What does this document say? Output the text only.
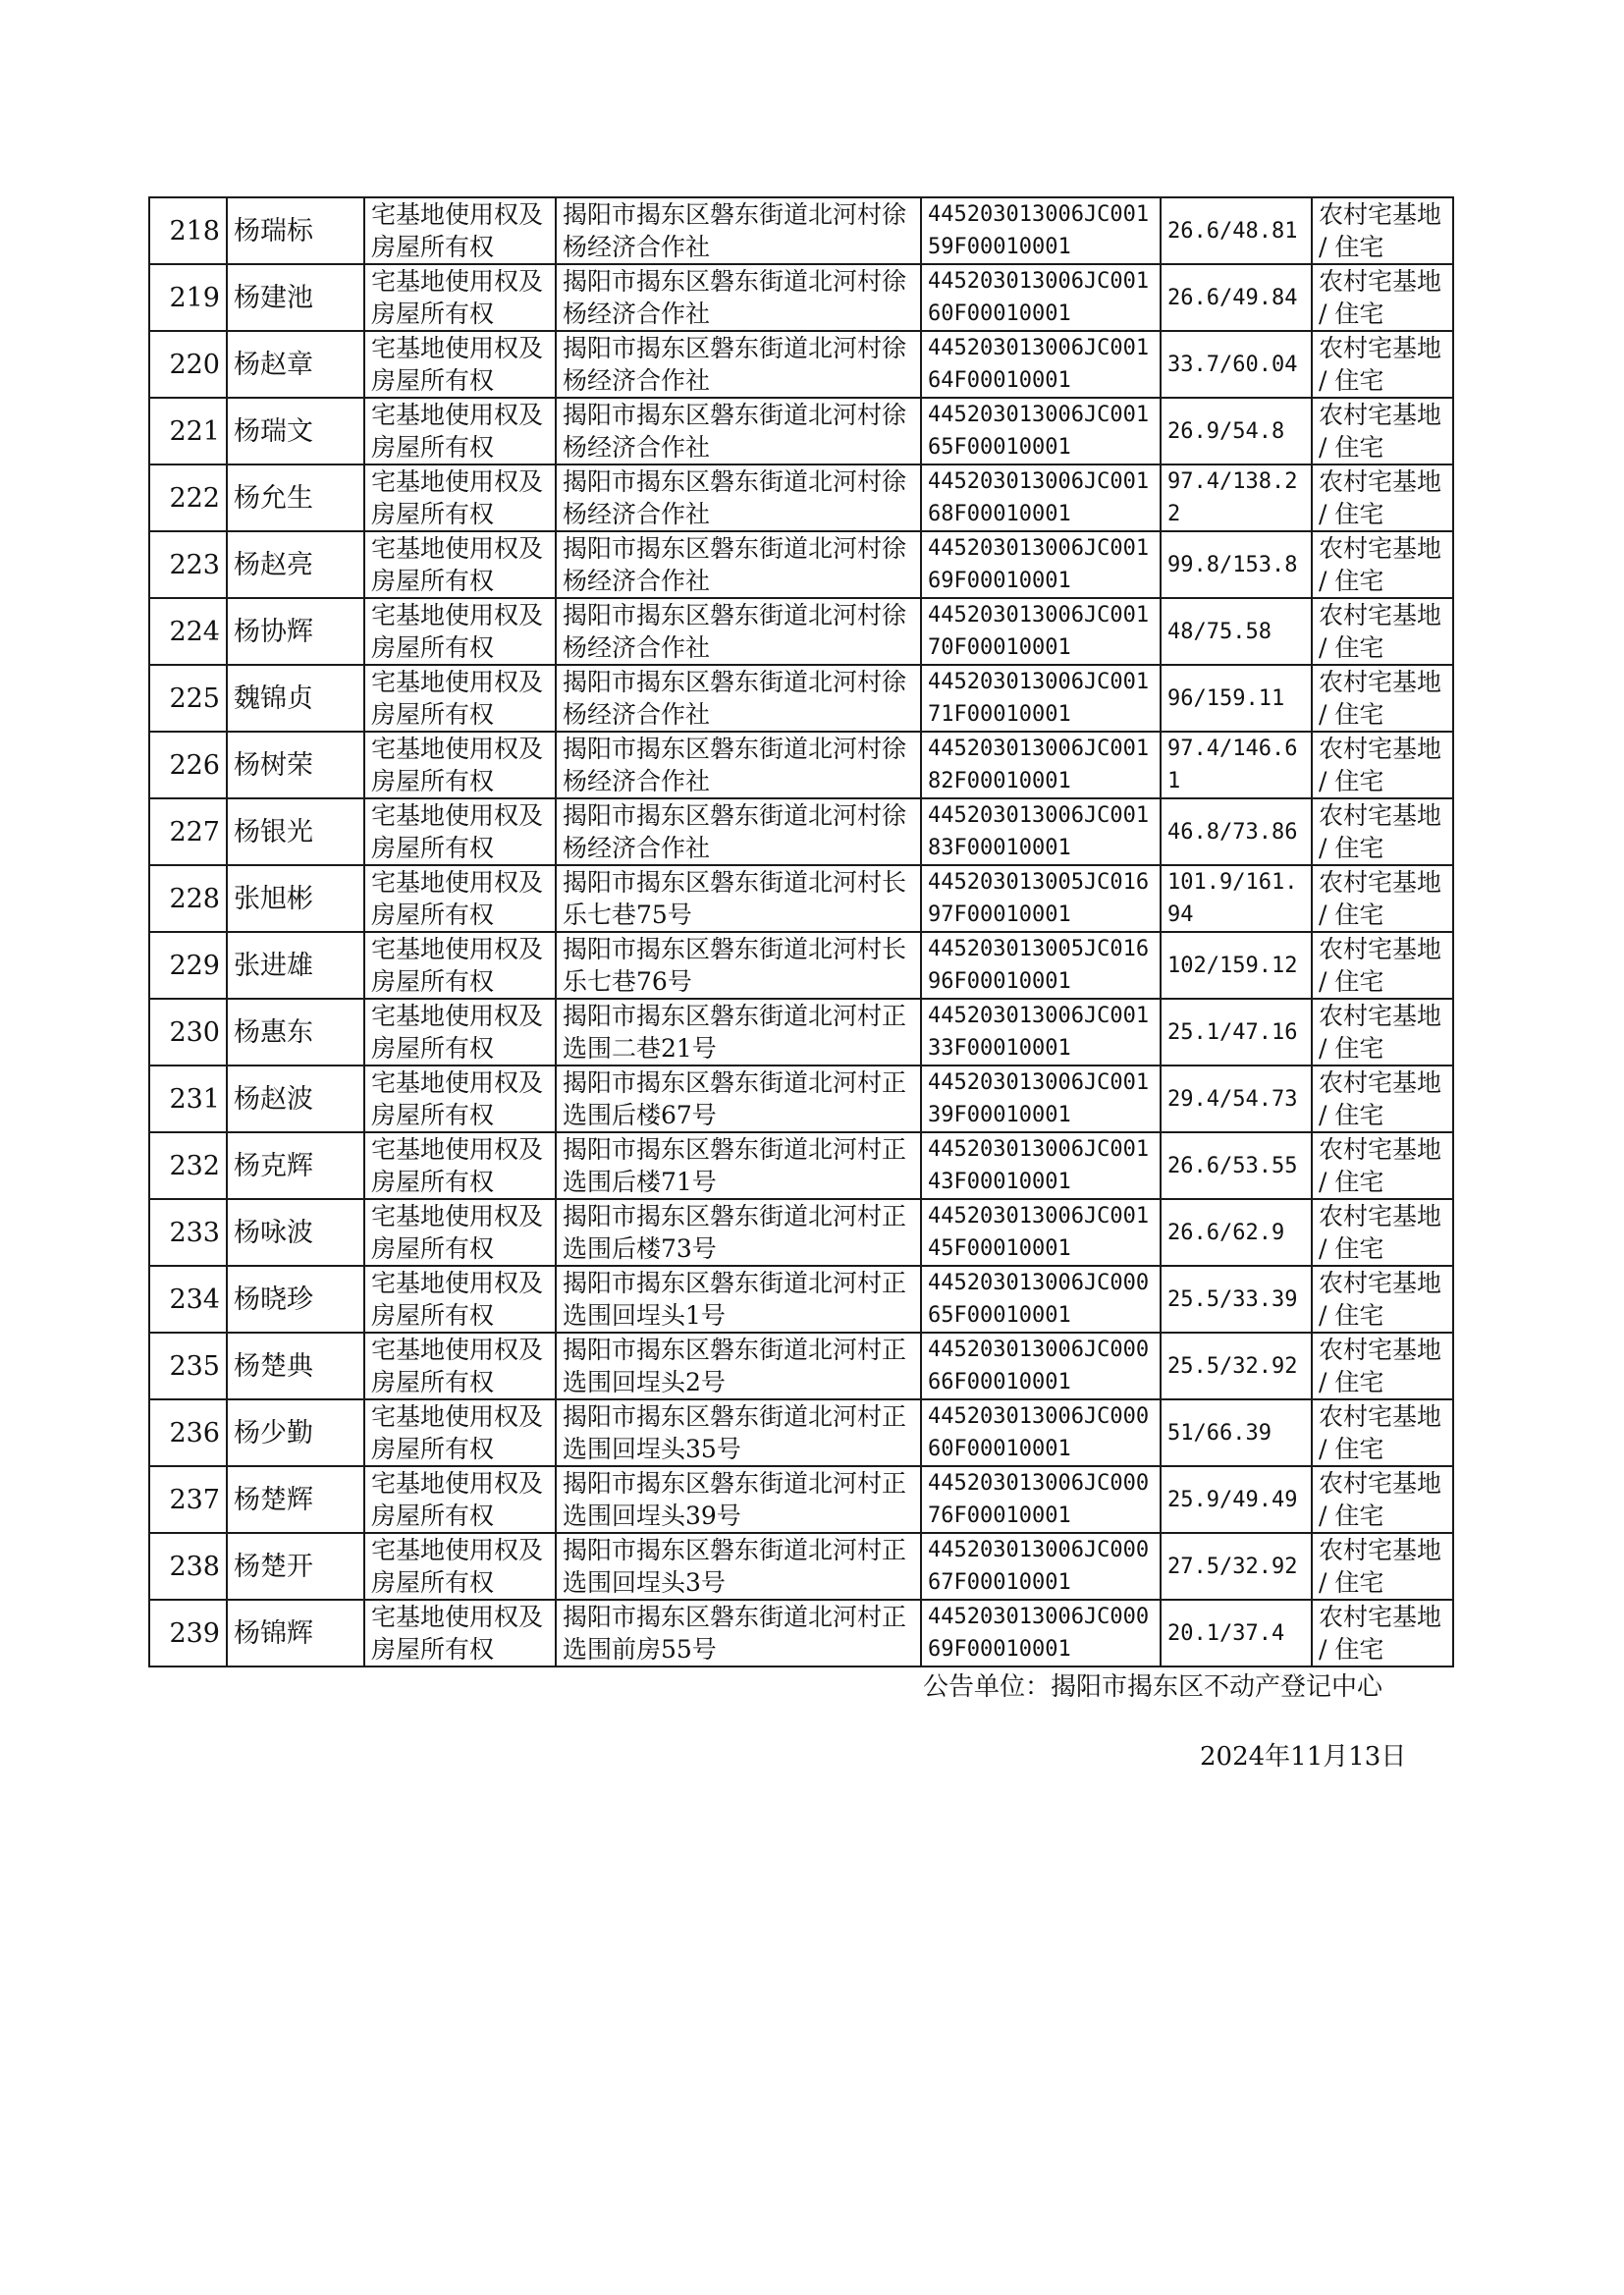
218	杨瑞标	宅基地使用权及房屋所有权	揭阳市揭东区磐东街道北河村徐杨经济合作社	445203013006JC00159F00010001	26.6/48.81	农村宅基地 / 住宅
219	杨建池	宅基地使用权及房屋所有权	揭阳市揭东区磐东街道北河村徐杨经济合作社	445203013006JC00160F00010001	26.6/49.84	农村宅基地 / 住宅
220	杨赵章	宅基地使用权及房屋所有权	揭阳市揭东区磐东街道北河村徐杨经济合作社	445203013006JC00164F00010001	33.7/60.04	农村宅基地 / 住宅
221	杨瑞文	宅基地使用权及房屋所有权	揭阳市揭东区磐东街道北河村徐杨经济合作社	445203013006JC00165F00010001	26.9/54.8	农村宅基地 / 住宅
222	杨允生	宅基地使用权及房屋所有权	揭阳市揭东区磐东街道北河村徐杨经济合作社	445203013006JC00168F00010001	97.4/138.22	农村宅基地 / 住宅
223	杨赵亮	宅基地使用权及房屋所有权	揭阳市揭东区磐东街道北河村徐杨经济合作社	445203013006JC00169F00010001	99.8/153.8	农村宅基地 / 住宅
224	杨协辉	宅基地使用权及房屋所有权	揭阳市揭东区磐东街道北河村徐杨经济合作社	445203013006JC00170F00010001	48/75.58	农村宅基地 / 住宅
225	魏锦贞	宅基地使用权及房屋所有权	揭阳市揭东区磐东街道北河村徐杨经济合作社	445203013006JC00171F00010001	96/159.11	农村宅基地 / 住宅
226	杨树荣	宅基地使用权及房屋所有权	揭阳市揭东区磐东街道北河村徐杨经济合作社	445203013006JC00182F00010001	97.4/146.61	农村宅基地 / 住宅
227	杨银光	宅基地使用权及房屋所有权	揭阳市揭东区磐东街道北河村徐杨经济合作社	445203013006JC00183F00010001	46.8/73.86	农村宅基地 / 住宅
228	张旭彬	宅基地使用权及房屋所有权	揭阳市揭东区磐东街道北河村长乐七巷75号	445203013005JC01697F00010001	101.9/161.94	农村宅基地 / 住宅
229	张进雄	宅基地使用权及房屋所有权	揭阳市揭东区磐东街道北河村长乐七巷76号	445203013005JC01696F00010001	102/159.12	农村宅基地 / 住宅
230	杨惠东	宅基地使用权及房屋所有权	揭阳市揭东区磐东街道北河村正选围二巷21号	445203013006JC00133F00010001	25.1/47.16	农村宅基地 / 住宅
231	杨赵波	宅基地使用权及房屋所有权	揭阳市揭东区磐东街道北河村正选围后楼67号	445203013006JC00139F00010001	29.4/54.73	农村宅基地 / 住宅
232	杨克辉	宅基地使用权及房屋所有权	揭阳市揭东区磐东街道北河村正选围后楼71号	445203013006JC00143F00010001	26.6/53.55	农村宅基地 / 住宅
233	杨咏波	宅基地使用权及房屋所有权	揭阳市揭东区磐东街道北河村正选围后楼73号	445203013006JC00145F00010001	26.6/62.9	农村宅基地 / 住宅
234	杨晓珍	宅基地使用权及房屋所有权	揭阳市揭东区磐东街道北河村正选围回埕头1号	445203013006JC00065F00010001	25.5/33.39	农村宅基地 / 住宅
235	杨楚典	宅基地使用权及房屋所有权	揭阳市揭东区磐东街道北河村正选围回埕头2号	445203013006JC00066F00010001	25.5/32.92	农村宅基地 / 住宅
236	杨少勤	宅基地使用权及房屋所有权	揭阳市揭东区磐东街道北河村正选围回埕头35号	445203013006JC00060F00010001	51/66.39	农村宅基地 / 住宅
237	杨楚辉	宅基地使用权及房屋所有权	揭阳市揭东区磐东街道北河村正选围回埕头39号	445203013006JC00076F00010001	25.9/49.49	农村宅基地 / 住宅
238	杨楚开	宅基地使用权及房屋所有权	揭阳市揭东区磐东街道北河村正选围回埕头3号	445203013006JC00067F00010001	27.5/32.92	农村宅基地 / 住宅
239	杨锦辉	宅基地使用权及房屋所有权	揭阳市揭东区磐东街道北河村正选围前房55号	445203013006JC00069F00010001	20.1/37.4	农村宅基地 / 住宅
公告单位：揭阳市揭东区不动产登记中心
2024年11月13日
